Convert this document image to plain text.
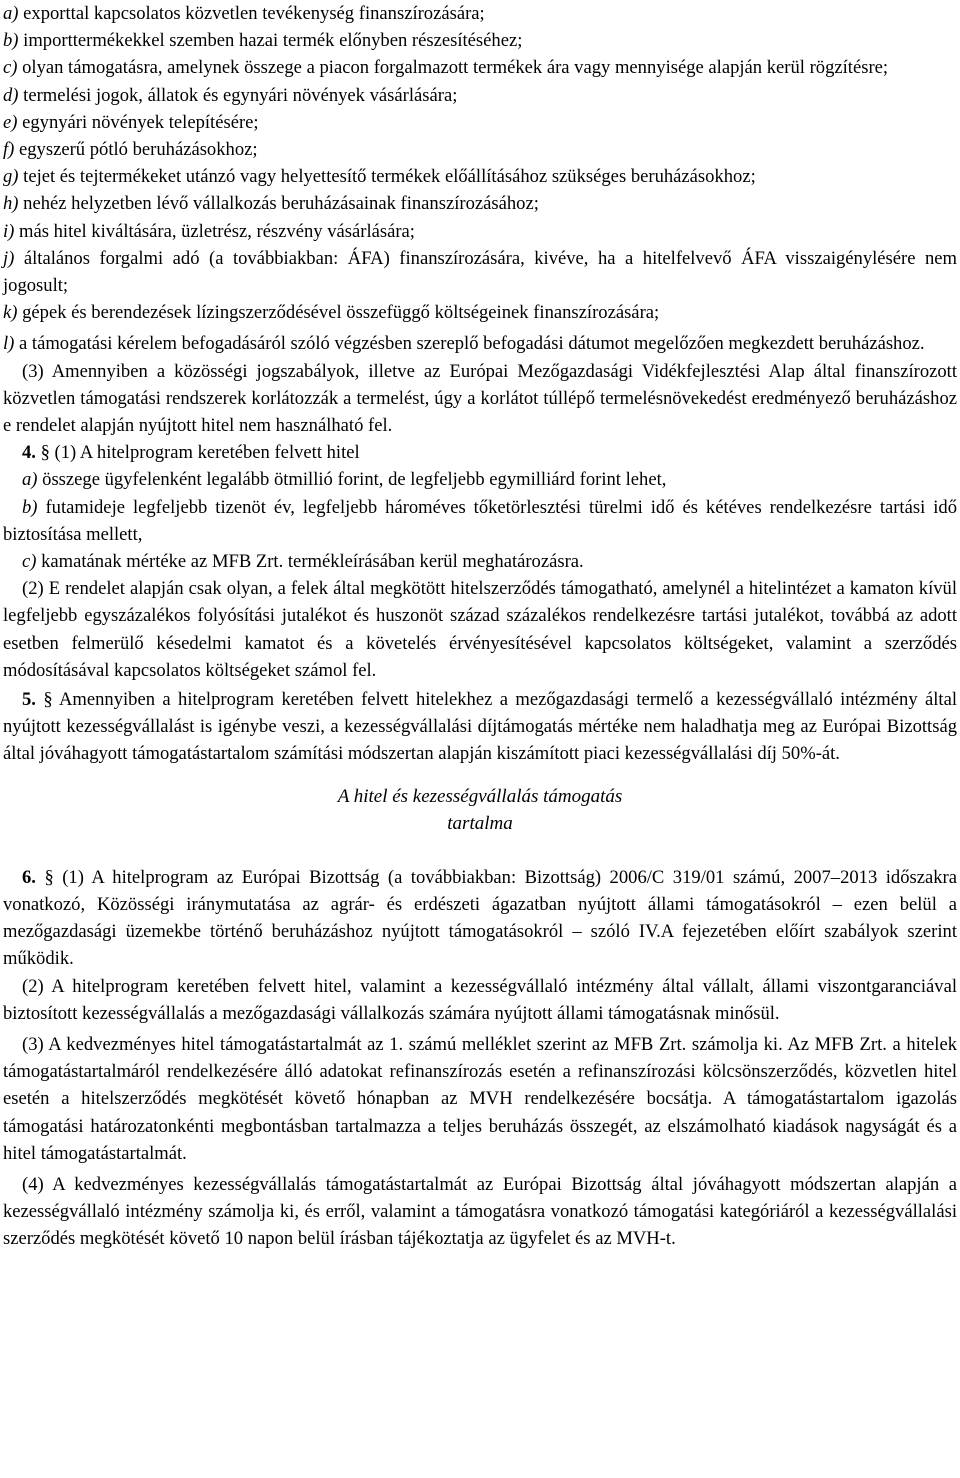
a) exporttal kapcsolatos közvetlen tevékenység finanszírozására;

b) importtermékekkel szemben hazai termék előnyben részesítéséhez;

c) olyan támogatásra, amelynek összege a piacon forgalmazott termékek ára vagy mennyisége alapján kerül rögzítésre;

d) termelési jogok, állatok és egynyári növények vásárlására;

e) egynyári növények telepítésére;

f) egyszerű pótló beruházásokhoz;

g) tejet és tejtermékeket utánzó vagy helyettesítő termékek előállításához szükséges beruházásokhoz;

h) nehéz helyzetben lévő vállalkozás beruházásainak finanszírozásához;

i) más hitel kiváltására, üzletrész, részvény vásárlására;

j) általános forgalmi adó (a továbbiakban: ÁFA) finanszírozására, kivéve, ha a hitelfelvevő ÁFA visszaigénylésére nem jogosult;

k) gépek és berendezések lízingszerződésével összefüggő költségeinek finanszírozására;

l) a támogatási kérelem befogadásáról szóló végzésben szereplő befogadási dátumot megelőzően megkezdett beruházáshoz.

(3) Amennyiben a közösségi jogszabályok, illetve az Európai Mezőgazdasági Vidékfejlesztési Alap által finanszírozott közvetlen támogatási rendszerek korlátozzák a termelést, úgy a korlátot túllépő termelésnövekedést eredményező beruházáshoz e rendelet alapján nyújtott hitel nem használható fel.

4. § (1) A hitelprogram keretében felvett hitel

a) összege ügyfelenként legalább ötmillió forint, de legfeljebb egymilliárd forint lehet,

b) futamideje legfeljebb tizenöt év, legfeljebb hároméves tőketörlesztési türelmi idő és kétéves rendelkezésre tartási idő biztosítása mellett,

c) kamatának mértéke az MFB Zrt. termékleírásában kerül meghatározásra.

(2) E rendelet alapján csak olyan, a felek által megkötött hitelszerződés támogatható, amelynél a hitelintézet a kamaton kívül legfeljebb egyszázalékos folyósítási jutalékot és huszonöt század százalékos rendelkezésre tartási jutalékot, továbbá az adott esetben felmerülő késedelmi kamatot és a követelés érvényesítésével kapcsolatos költségeket, valamint a szerződés módosításával kapcsolatos költségeket számol fel.

5. § Amennyiben a hitelprogram keretében felvett hitelekhez a mezőgazdasági termelő a kezességvállaló intézmény által nyújtott kezességvállalást is igénybe veszi, a kezességvállalási díjtámogatás mértéke nem haladhatja meg az Európai Bizottság által jóváhagyott támogatástartalom számítási módszertan alapján kiszámított piaci kezességvállalási díj 50%-át.

A hitel és kezességvállalás támogatás
tartalma

6. § (1) A hitelprogram az Európai Bizottság (a továbbiakban: Bizottság) 2006/C 319/01 számú, 2007–2013 időszakra vonatkozó, Közösségi iránymutatása az agrár- és erdészeti ágazatban nyújtott állami támogatásokról – ezen belül a mezőgazdasági üzemekbe történő beruházáshoz nyújtott támogatásokról – szóló IV.A fejezetében előírt szabályok szerint működik.

(2) A hitelprogram keretében felvett hitel, valamint a kezességvállaló intézmény által vállalt, állami viszontgaranciával biztosított kezességvállalás a mezőgazdasági vállalkozás számára nyújtott állami támogatásnak minősül.

(3) A kedvezményes hitel támogatástartalmát az 1. számú melléklet szerint az MFB Zrt. számolja ki. Az MFB Zrt. a hitelek támogatástartalmáról rendelkezésére álló adatokat refinanszírozás esetén a refinanszírozási kölcsönszerződés, közvetlen hitel esetén a hitelszerződés megkötését követő hónapban az MVH rendelkezésére bocsátja. A támogatástartalom igazolás támogatási határozatonkénti megbontásban tartalmazza a teljes beruházás összegét, az elszámolható kiadások nagyságát és a hitel támogatástartalmát.

(4) A kedvezményes kezességvállalás támogatástartalmát az Európai Bizottság által jóváhagyott módszertan alapján a kezességvállaló intézmény számolja ki, és erről, valamint a támogatásra vonatkozó támogatási kategóriáról a kezességvállalási szerződés megkötését követő 10 napon belül írásban tájékoztatja az ügyfelet és az MVH-t.
